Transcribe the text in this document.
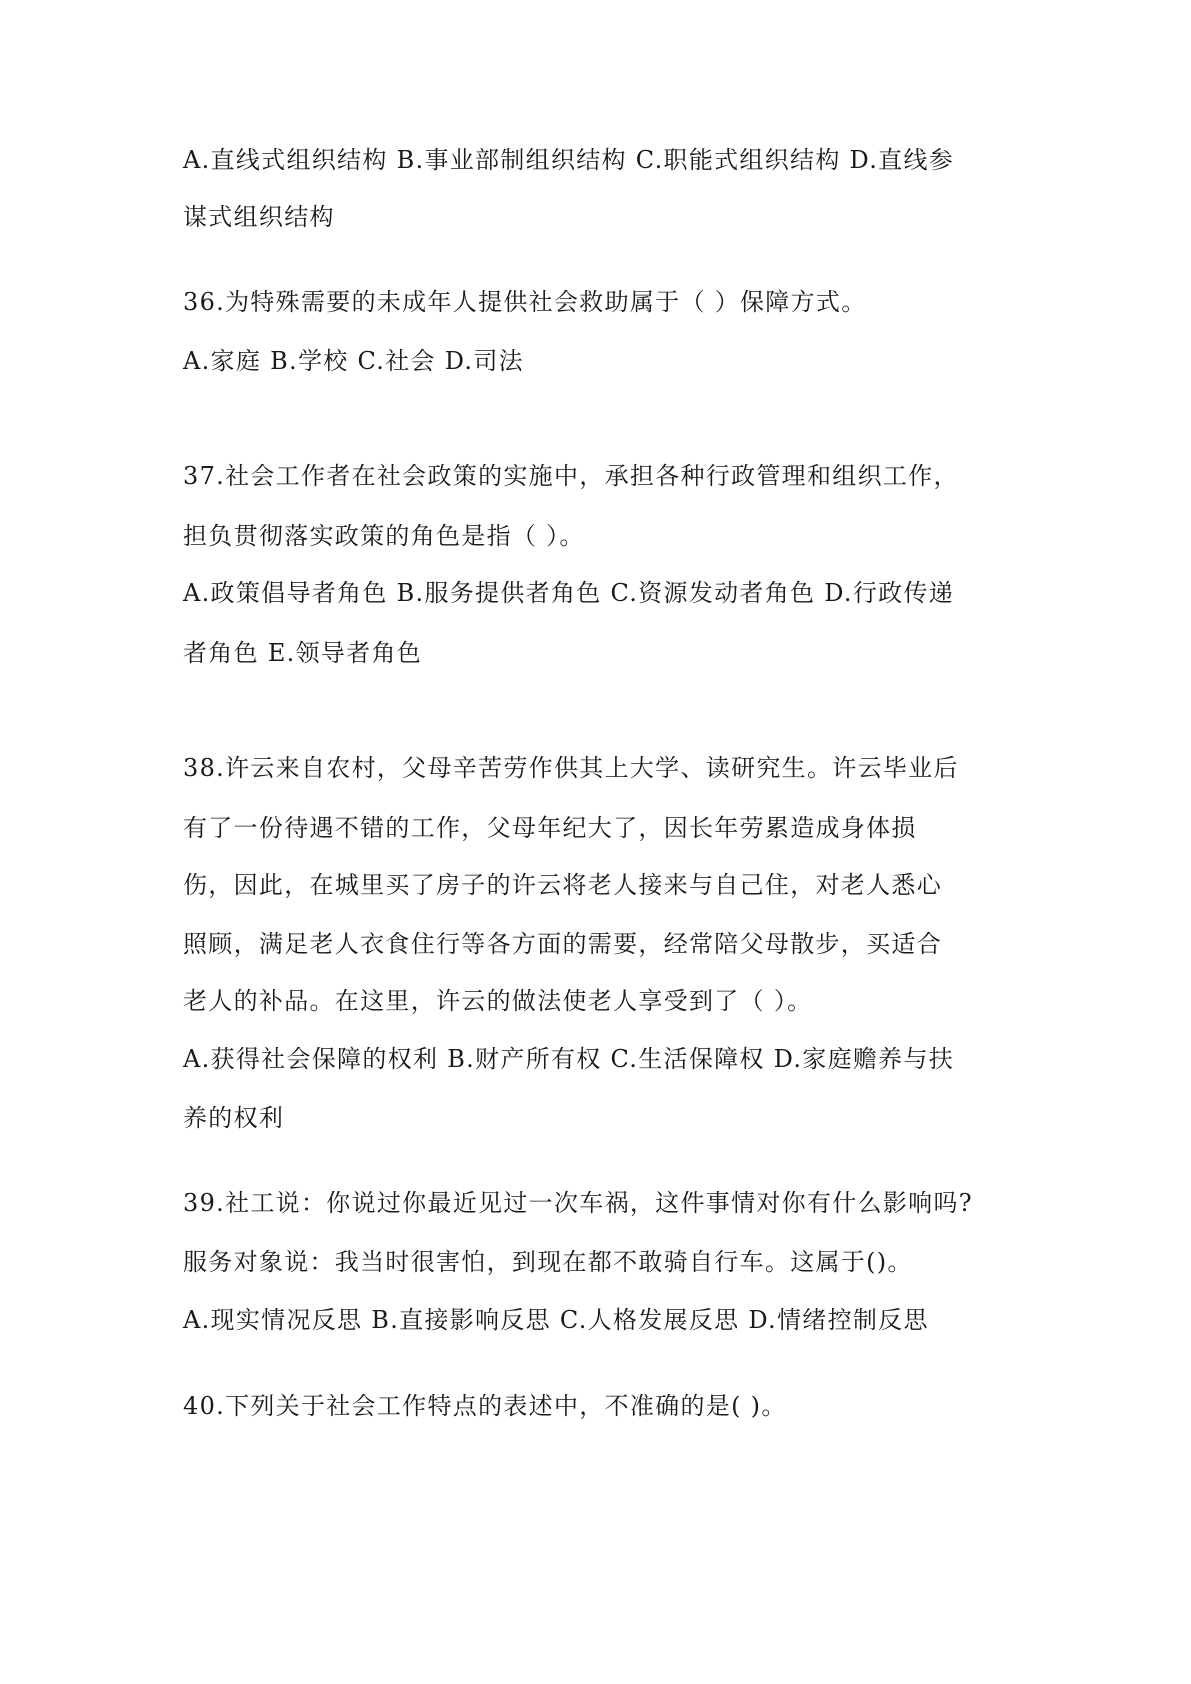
A.直线式组织结构 B.事业部制组织结构 C.职能式组织结构 D.直线参
谋式组织结构
36.为特殊需要的未成年人提供社会救助属于（ ）保障方式。
A.家庭 B.学校 C.社会 D.司法
37.社会工作者在社会政策的实施中，承担各种行政管理和组织工作，
担负贯彻落实政策的角色是指（ ）。
A.政策倡导者角色 B.服务提供者角色 C.资源发动者角色 D.行政传递
者角色 E.领导者角色
38.许云来自农村，父母辛苦劳作供其上大学、读研究生。许云毕业后
有了一份待遇不错的工作，父母年纪大了，因长年劳累造成身体损
伤，因此，在城里买了房子的许云将老人接来与自己住，对老人悉心
照顾，满足老人衣食住行等各方面的需要，经常陪父母散步，买适合
老人的补品。在这里，许云的做法使老人享受到了（ ）。
A.获得社会保障的权利 B.财产所有权 C.生活保障权 D.家庭赡养与扶
养的权利
39.社工说：你说过你最近见过一次车祸，这件事情对你有什么影响吗?
服务对象说：我当时很害怕，到现在都不敢骑自行车。这属于()。
A.现实情况反思 B.直接影响反思 C.人格发展反思 D.情绪控制反思
40.下列关于社会工作特点的表述中，不准确的是( )。
